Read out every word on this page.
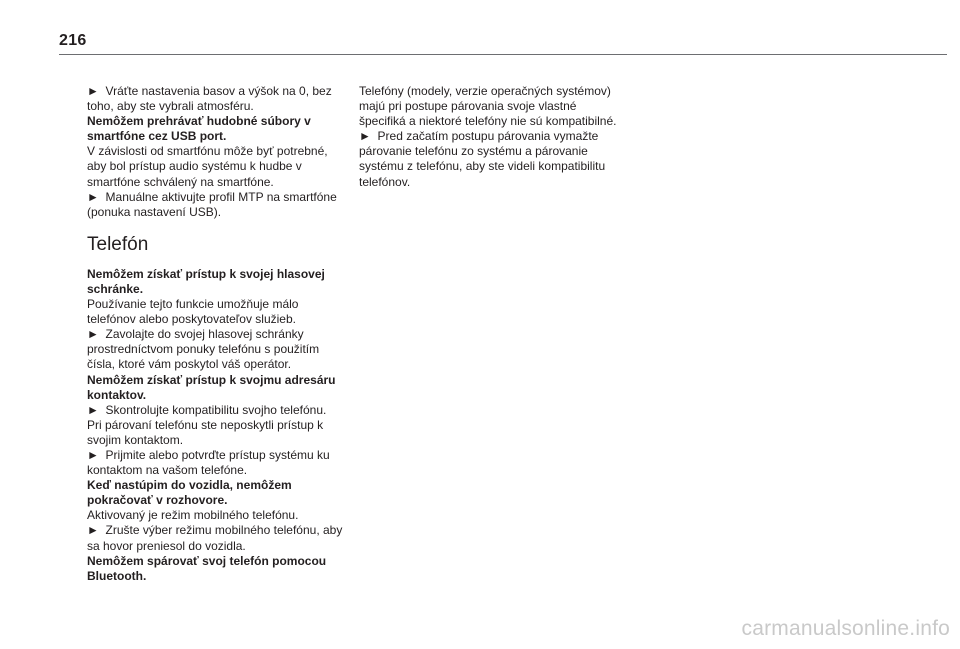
216

►  Vráťte nastavenia basov a výšok na 0, bez toho, aby ste vybrali atmosféru.

Nemôžem prehrávať hudobné súbory v smartfóne cez USB port.

V závislosti od smartfónu môže byť potrebné, aby bol prístup audio systému k hudbe v smartfóne schválený na smartfóne.

►  Manuálne aktivujte profil MTP na smartfóne (ponuka nastavení USB).

Telefón

Nemôžem získať prístup k svojej hlasovej schránke.

Používanie tejto funkcie umožňuje málo telefónov alebo poskytovateľov služieb.

►  Zavolajte do svojej hlasovej schránky prostredníctvom ponuky telefónu s použitím čísla, ktoré vám poskytol váš operátor.

Nemôžem získať prístup k svojmu adresáru kontaktov.

►  Skontrolujte kompatibilitu svojho telefónu.

Pri párovaní telefónu ste neposkytli prístup k svojim kontaktom.

►  Prijmite alebo potvrďte prístup systému ku kontaktom na vašom telefóne.

Keď nastúpim do vozidla, nemôžem pokračovať v rozhovore.

Aktivovaný je režim mobilného telefónu.

►  Zrušte výber režimu mobilného telefónu, aby sa hovor preniesol do vozidla.

Nemôžem spárovať svoj telefón pomocou Bluetooth.

Telefóny (modely, verzie operačných systémov) majú pri postupe párovania svoje vlastné špecifiká a niektoré telefóny nie sú kompatibilné.

►  Pred začatím postupu párovania vymažte párovanie telefónu zo systému a párovanie systému z telefónu, aby ste videli kompatibilitu telefónov.

carmanualsonline.info
